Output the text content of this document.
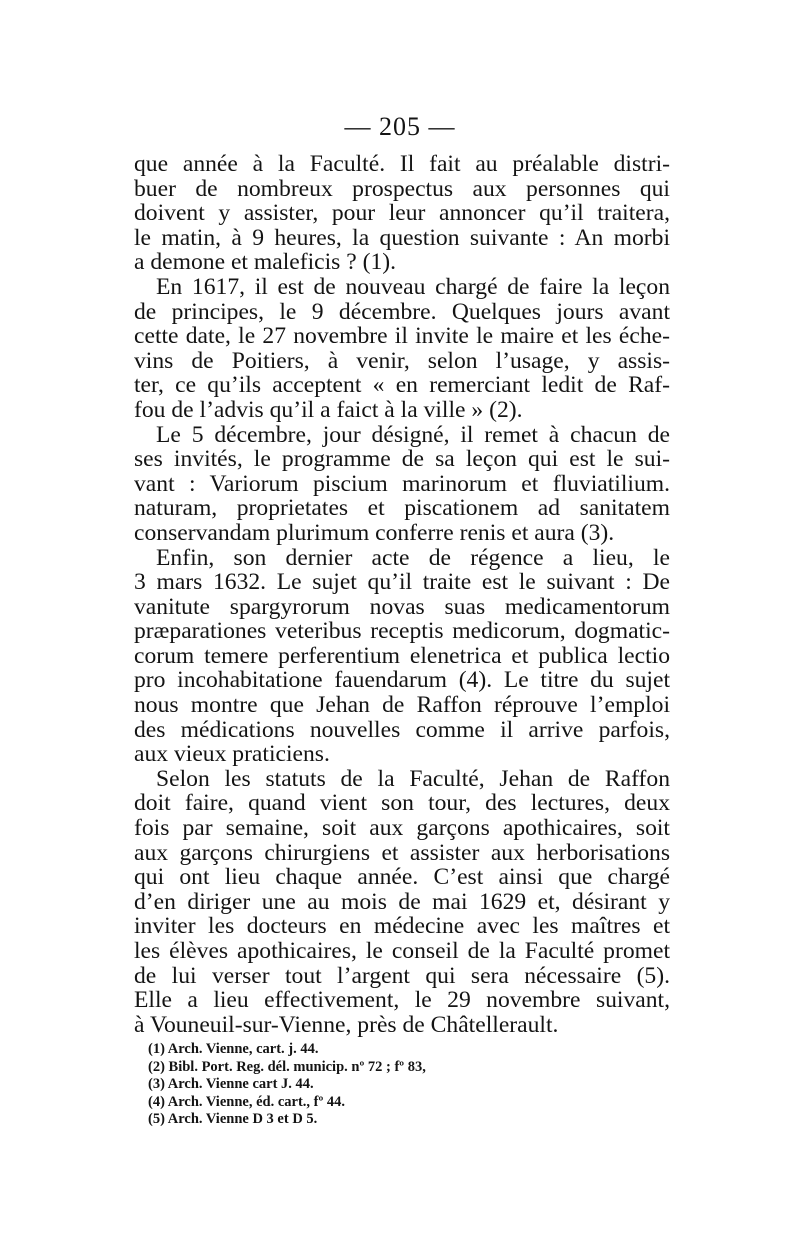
— 205 —
que année à la Faculté. Il fait au préalable distri-
buer de nombreux prospectus aux personnes qui
doivent y assister, pour leur annoncer qu’il traitera,
le matin, à 9 heures, la question suivante : An morbi
a demone et maleficis ? (1).
En 1617, il est de nouveau chargé de faire la leçon
de principes, le 9 décembre. Quelques jours avant
cette date, le 27 novembre il invite le maire et les éche-
vins de Poitiers, à venir, selon l’usage, y assis-
ter, ce qu’ils acceptent « en remerciant ledit de Raf-
fou de l’advis qu’il a faict à la ville » (2).
Le 5 décembre, jour désigné, il remet à chacun de
ses invités, le programme de sa leçon qui est le sui-
vant : Variorum piscium marinorum et fluviatilium.
naturam, proprietates et piscationem ad sanitatem
conservandam plurimum conferre renis et aura (3).
Enfin, son dernier acte de régence a lieu, le
3 mars 1632. Le sujet qu’il traite est le suivant : De
vanitute spargyrorum novas suas medicamentorum
præparationes veteribus receptis medicorum, dogmatic-
corum temere perferentium elenetrica et publica lectio
pro incohabitatione fauendarum (4). Le titre du sujet
nous montre que Jehan de Raffon réprouve l’emploi
des médications nouvelles comme il arrive parfois,
aux vieux praticiens.
Selon les statuts de la Faculté, Jehan de Raffon
doit faire, quand vient son tour, des lectures, deux
fois par semaine, soit aux garçons apothicaires, soit
aux garçons chirurgiens et assister aux herborisations
qui ont lieu chaque année. C’est ainsi que chargé
d’en diriger une au mois de mai 1629 et, désirant y
inviter les docteurs en médecine avec les maîtres et
les élèves apothicaires, le conseil de la Faculté promet
de lui verser tout l’argent qui sera nécessaire (5).
Elle a lieu effectivement, le 29 novembre suivant,
à Vouneuil-sur-Vienne, près de Châtellerault.
(1) Arch. Vienne, cart. j. 44.
(2) Bibl. Port. Reg. dél. municip. nº 72 ; fº 83,
(3) Arch. Vienne cart J. 44.
(4) Arch. Vienne, éd. cart., fº 44.
(5) Arch. Vienne D 3 et D 5.
